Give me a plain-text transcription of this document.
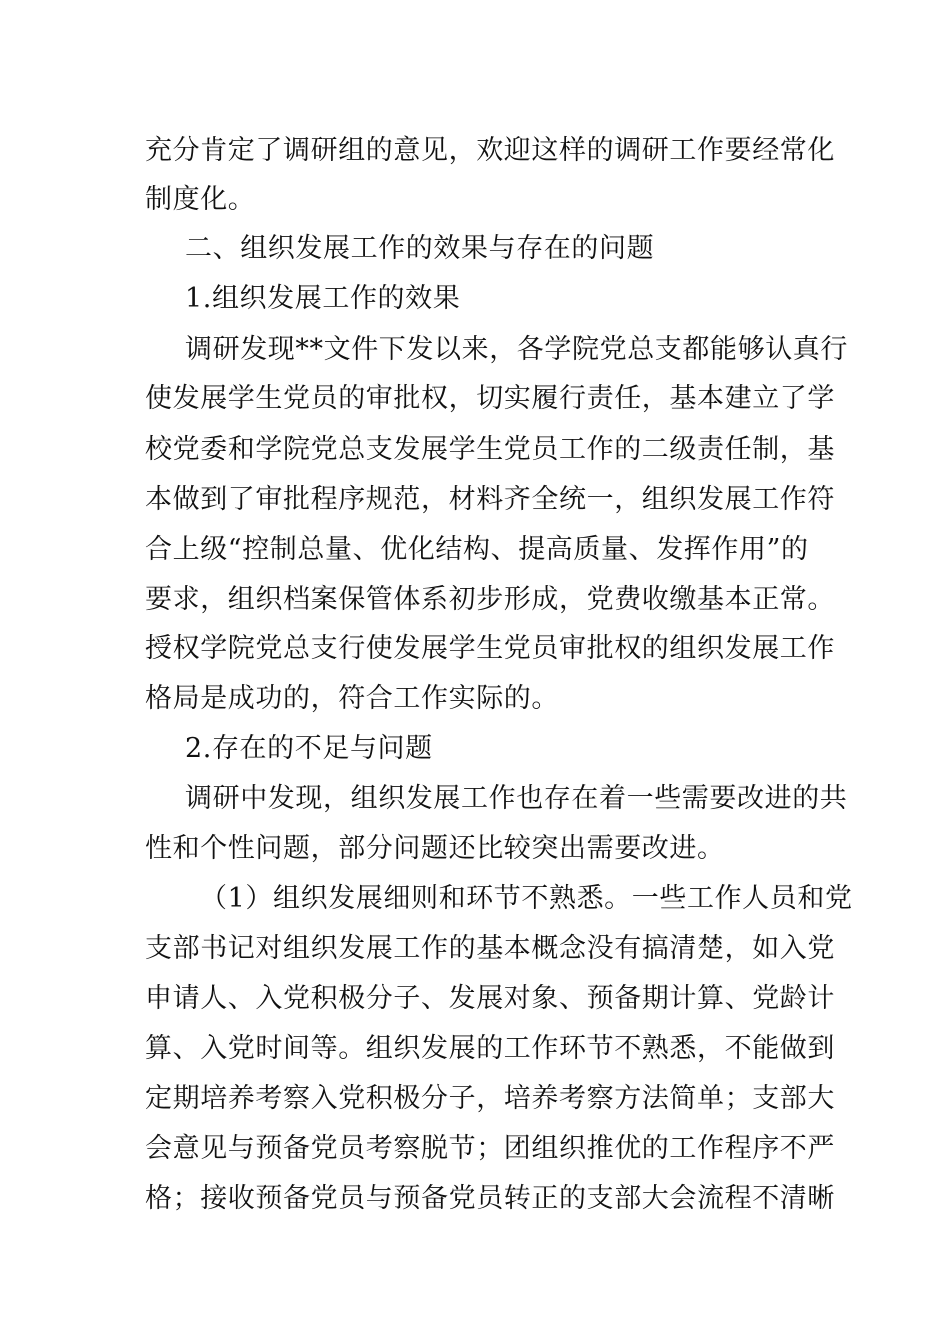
充分肯定了调研组的意见，欢迎这样的调研工作要经常化
制度化。
二、组织发展工作的效果与存在的问题
1.组织发展工作的效果
调研发现**文件下发以来，各学院党总支都能够认真行
使发展学生党员的审批权，切实履行责任，基本建立了学
校党委和学院党总支发展学生党员工作的二级责任制，基
本做到了审批程序规范，材料齐全统一，组织发展工作符
合上级“控制总量、优化结构、提高质量、发挥作用”的
要求，组织档案保管体系初步形成，党费收缴基本正常。
授权学院党总支行使发展学生党员审批权的组织发展工作
格局是成功的，符合工作实际的。
2.存在的不足与问题
调研中发现，组织发展工作也存在着一些需要改进的共
性和个性问题，部分问题还比较突出需要改进。
（1）组织发展细则和环节不熟悉。一些工作人员和党
支部书记对组织发展工作的基本概念没有搞清楚，如入党
申请人、入党积极分子、发展对象、预备期计算、党龄计
算、入党时间等。组织发展的工作环节不熟悉，不能做到
定期培养考察入党积极分子，培养考察方法简单；支部大
会意见与预备党员考察脱节；团组织推优的工作程序不严
格；接收预备党员与预备党员转正的支部大会流程不清晰
